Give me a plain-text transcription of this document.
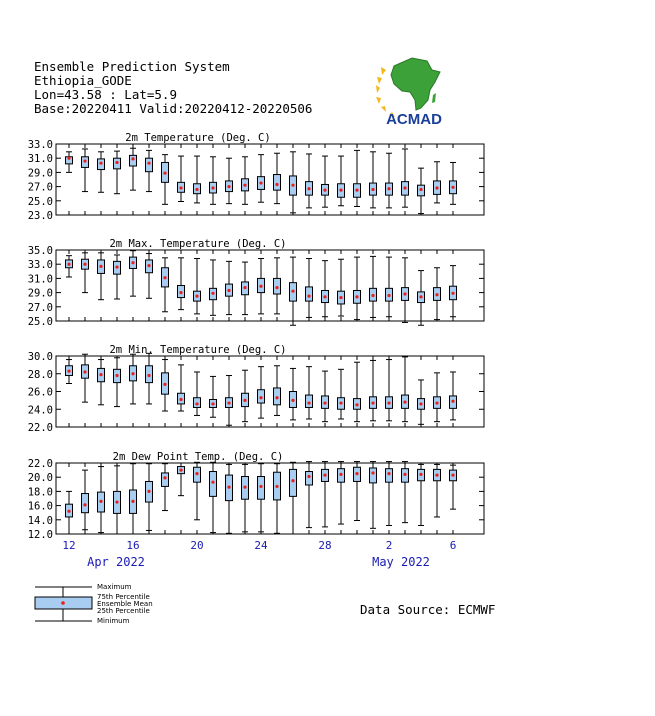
Ensemble Prediction System
Ethiopia_GODE
Lon=43.58 : Lat=5.9
Base:20220411 Valid:20220412-20220506
ACMAD
33.0
31.0
29.0
27.0
25.0
23.0
2m Temperature (Deg. C)
12	16	20	24	28	2	6
Apr 2022	May 2022
35.0
33.0
31.0
29.0
27.0
25.0
2m Max. Temperature (Deg. C)
30.0
28.0
26.0
24.0
22.0
2m Min. Temperature (Deg. C)
22.0
20.0
18.0
16.0
14.0
12.0
2m Dew Point Temp. (Deg. C)
Maximum
75th Percentile
Ensemble Mean
25th Percentile
Minimum
Data Source: ECMWF
